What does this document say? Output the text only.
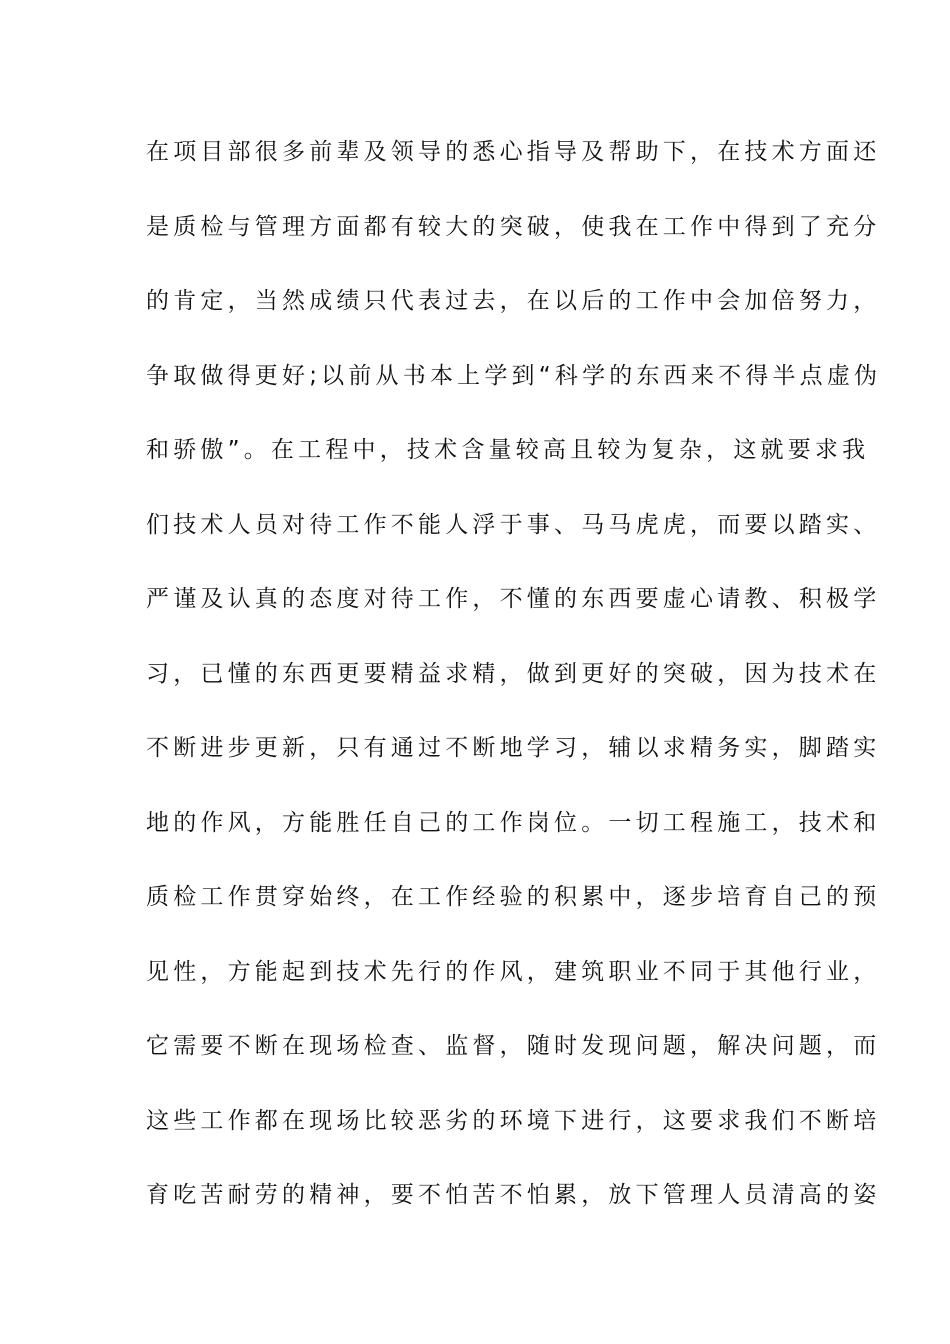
在项目部很多前辈及领导的悉心指导及帮助下，在技术方面还
是质检与管理方面都有较大的突破，使我在工作中得到了充分
的肯定，当然成绩只代表过去，在以后的工作中会加倍努力，
争取做得更好;以前从书本上学到“科学的东西来不得半点虚伪
和骄傲”。在工程中，技术含量较高且较为复杂，这就要求我
们技术人员对待工作不能人浮于事、马马虎虎，而要以踏实、
严谨及认真的态度对待工作，不懂的东西要虚心请教、积极学
习，已懂的东西更要精益求精，做到更好的突破，因为技术在
不断进步更新，只有通过不断地学习，辅以求精务实，脚踏实
地的作风，方能胜任自己的工作岗位。一切工程施工，技术和
质检工作贯穿始终，在工作经验的积累中，逐步培育自己的预
见性，方能起到技术先行的作风，建筑职业不同于其他行业，
它需要不断在现场检查、监督，随时发现问题，解决问题，而
这些工作都在现场比较恶劣的环境下进行，这要求我们不断培
育吃苦耐劳的精神，要不怕苦不怕累，放下管理人员清高的姿
